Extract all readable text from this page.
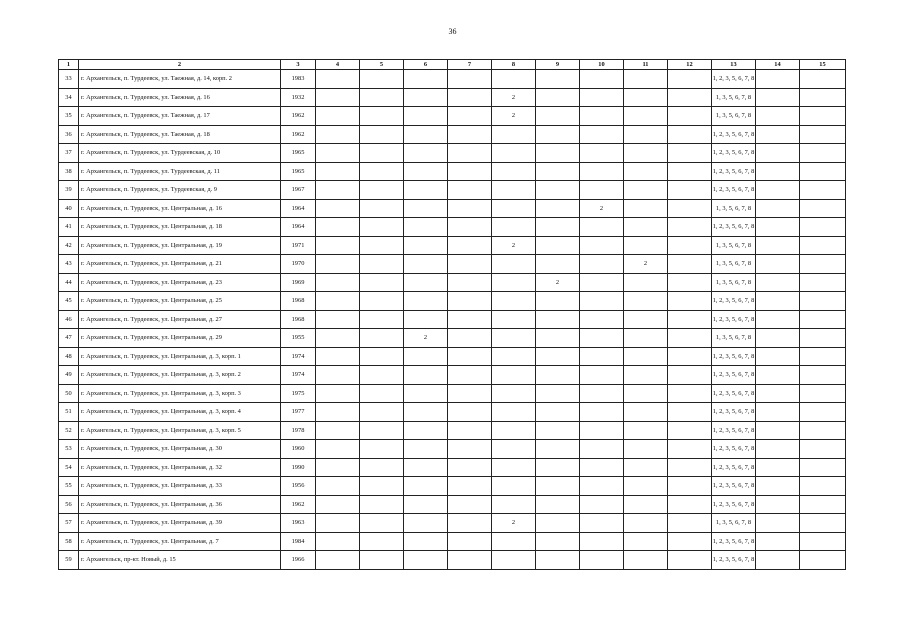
36
1	2	3	4	5	6	7	8	9	10	11	12	13	14	15
33	г. Архангельск, п. Турдеевск, ул. Таежная, д. 14, корп. 2	1983										1, 2, 3, 5, 6, 7, 8		
34	г. Архангельск, п. Турдеевск, ул. Таежная, д. 16	1932					2					1, 3, 5, 6, 7, 8		
35	г. Архангельск, п. Турдеевск, ул. Таежная, д. 17	1962					2					1, 3, 5, 6, 7, 8		
36	г. Архангельск, п. Турдеевск, ул. Таежная, д. 18	1962										1, 2, 3, 5, 6, 7, 8		
37	г. Архангельск, п. Турдеевск, ул. Турдеевская, д. 10	1965										1, 2, 3, 5, 6, 7, 8		
38	г. Архангельск, п. Турдеевск, ул. Турдеевская, д. 11	1965										1, 2, 3, 5, 6, 7, 8		
39	г. Архангельск, п. Турдеевск, ул. Турдеевская, д. 9	1967										1, 2, 3, 5, 6, 7, 8		
40	г. Архангельск, п. Турдеевск, ул. Центральная, д. 16	1964							2			1, 3, 5, 6, 7, 8		
41	г. Архангельск, п. Турдеевск, ул. Центральная, д. 18	1964										1, 2, 3, 5, 6, 7, 8		
42	г. Архангельск, п. Турдеевск, ул. Центральная, д. 19	1971					2					1, 3, 5, 6, 7, 8		
43	г. Архангельск, п. Турдеевск, ул. Центральная, д. 21	1970								2		1, 3, 5, 6, 7, 8		
44	г. Архангельск, п. Турдеевск, ул. Центральная, д. 23	1969						2				1, 3, 5, 6, 7, 8		
45	г. Архангельск, п. Турдеевск, ул. Центральная, д. 25	1968										1, 2, 3, 5, 6, 7, 8		
46	г. Архангельск, п. Турдеевск, ул. Центральная, д. 27	1968										1, 2, 3, 5, 6, 7, 8		
47	г. Архангельск, п. Турдеевск, ул. Центральная, д. 29	1955			2							1, 3, 5, 6, 7, 8		
48	г. Архангельск, п. Турдеевск, ул. Центральная, д. 3, корп. 1	1974										1, 2, 3, 5, 6, 7, 8		
49	г. Архангельск, п. Турдеевск, ул. Центральная, д. 3, корп. 2	1974										1, 2, 3, 5, 6, 7, 8		
50	г. Архангельск, п. Турдеевск, ул. Центральная, д. 3, корп. 3	1975										1, 2, 3, 5, 6, 7, 8		
51	г. Архангельск, п. Турдеевск, ул. Центральная, д. 3, корп. 4	1977										1, 2, 3, 5, 6, 7, 8		
52	г. Архангельск, п. Турдеевск, ул. Центральная, д. 3, корп. 5	1978										1, 2, 3, 5, 6, 7, 8		
53	г. Архангельск, п. Турдеевск, ул. Центральная, д. 30	1960										1, 2, 3, 5, 6, 7, 8		
54	г. Архангельск, п. Турдеевск, ул. Центральная, д. 32	1990										1, 2, 3, 5, 6, 7, 8		
55	г. Архангельск, п. Турдеевск, ул. Центральная, д. 33	1956										1, 2, 3, 5, 6, 7, 8		
56	г. Архангельск, п. Турдеевск, ул. Центральная, д. 36	1962										1, 2, 3, 5, 6, 7, 8		
57	г. Архангельск, п. Турдеевск, ул. Центральная, д. 39	1963					2					1, 3, 5, 6, 7, 8		
58	г. Архангельск, п. Турдеевск, ул. Центральная, д. 7	1984										1, 2, 3, 5, 6, 7, 8		
59	г. Архангельск, пр-кт. Новый, д. 15	1966										1, 2, 3, 5, 6, 7, 8		
